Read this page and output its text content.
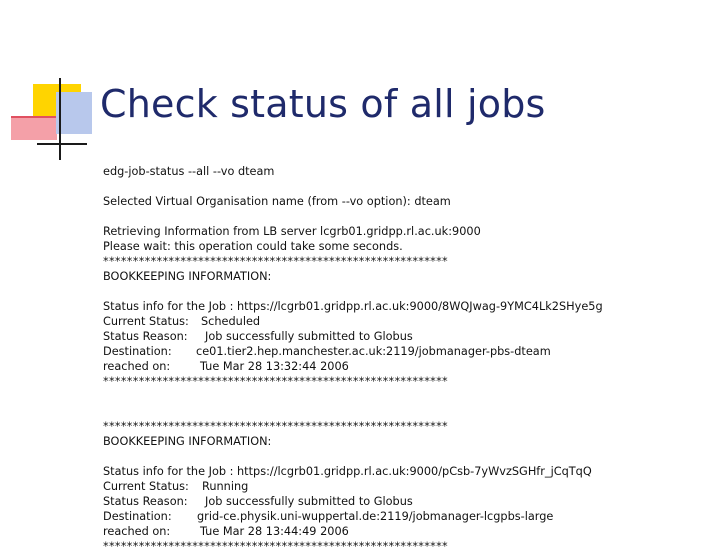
Check status of all jobs
edg-job-status --all --vo dteam
Selected Virtual Organisation name (from --vo option): dteam
Retrieving Information from LB server lcgrb01.gridpp.rl.ac.uk:9000
Please wait: this operation could take some seconds.
**********************************************************
BOOKKEEPING INFORMATION:
Status info for the Job : https://lcgrb01.gridpp.rl.ac.uk:9000/8WQJwag-9YMC4Lk2SHye5g
Current Status:	Scheduled
Status Reason:	Job successfully submitted to Globus
Destination:	ce01.tier2.hep.manchester.ac.uk:2119/jobmanager-pbs-dteam
reached on:	Tue Mar 28 13:32:44 2006
**********************************************************
**********************************************************
BOOKKEEPING INFORMATION:
Status info for the Job : https://lcgrb01.gridpp.rl.ac.uk:9000/pCsb-7yWvzSGHfr_jCqTqQ
Current Status:	Running
Status Reason:	Job successfully submitted to Globus
Destination:	grid-ce.physik.uni-wuppertal.de:2119/jobmanager-lcgpbs-large
reached on:	Tue Mar 28 13:44:49 2006
**********************************************************
